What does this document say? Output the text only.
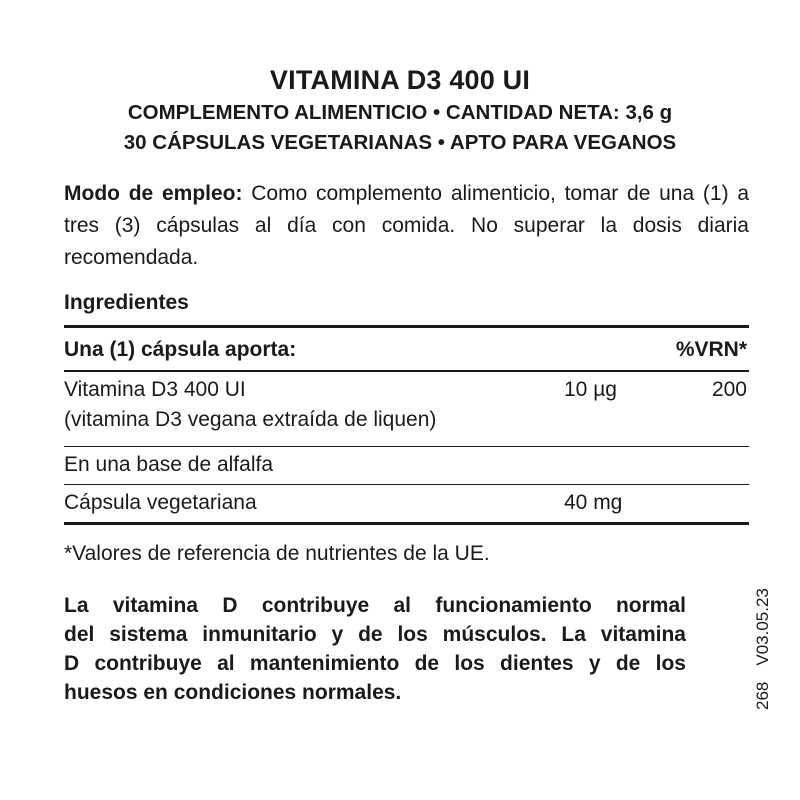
VITAMINA D3 400 UI
COMPLEMENTO ALIMENTICIO • CANTIDAD NETA: 3,6 g
30 CÁPSULAS VEGETARIANAS • APTO PARA VEGANOS
Modo de empleo: Como complemento alimenticio, tomar de una (1) a tres (3) cápsulas al día con comida. No superar la dosis diaria recomendada.
Ingredientes
Una (1) cápsula aporta:	%VRN*
Vitamina D3 400 UI
(vitamina D3 vegana extraída de liquen)
10 µg	200
En una base de alfalfa
Cápsula vegetariana	40 mg
*Valores de referencia de nutrientes de la UE.
La vitamina D contribuye al funcionamiento normal
del sistema inmunitario y de los músculos. La vitamina
D contribuye al mantenimiento de los dientes y de los
huesos en condiciones normales.	268V03.05.23
